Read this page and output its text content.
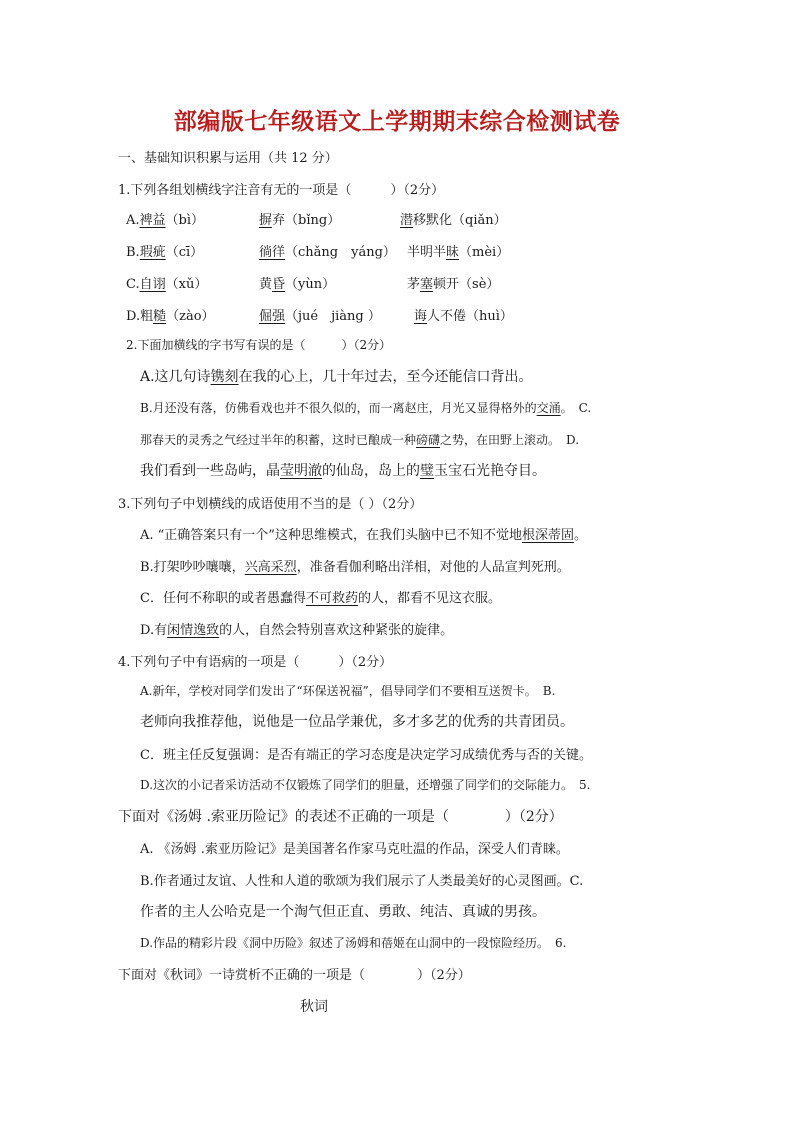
部编版七年级语文上学期期末综合检测试卷
一、基础知识积累与运用（共 12 分）
1.下列各组划横线字注音有无的一项是（　　　）（2分）
A.裨益（bì）	摒弃（bǐng）	潜移默化（qiǎn）
B.瑕疵（cī）	徜徉（chǎng　yáng） 半明半昧（mèi）
C.自诩（xǔ）	黄昏（yùn）	茅塞顿开（sè）
D.粗糙（zào）	倔强（jué　jiàng ）	诲人不倦（huì）
2.下面加横线的字书写有误的是（　　　）（2分）
A.这几句诗镌刻在我的心上，几十年过去，至今还能信口背出。
B.月还没有落，仿佛看戏也并不很久似的，而一离赵庄，月光又显得格外的交涌。　C.
那春天的灵秀之气经过半年的积蓄，这时已酿成一种磅礴之势，在田野上滚动。　D.
我们看到一些岛屿，晶莹明澈的仙岛，岛上的璧玉宝石光艳夺目。
3.下列句子中划横线的成语使用不当的是（ ）（2分）
A. “正确答案只有一个”这种思维模式，在我们头脑中已不知不觉地根深蒂固。
B.打架吵吵嚷嚷，兴高采烈，准备看伽利略出洋相，对他的人品宣判死刑。
C．任何不称职的或者愚蠢得不可救药的人，都看不见这衣服。
D.有闲情逸致的人，自然会特别喜欢这种紧张的旋律。
4.下列句子中有语病的一项是（　　　）（2分）
A.新年，学校对同学们发出了“环保送祝福”，倡导同学们不要相互送贺卡。　B.
老师向我推荐他，说他是一位品学兼优，多才多艺的优秀的共青团员。
C．班主任反复强调：是否有端正的学习态度是决定学习成绩优秀与否的关键。
D.这次的小记者采访活动不仅锻炼了同学们的胆量，还增强了同学们的交际能力。　5.
下面对《汤姆 .索亚历险记》的表述不正确的一项是（　　　　）（2分）
A. 《汤姆 .索亚历险记》是美国著名作家马克吐温的作品，深受人们青睐。
B.作者通过友谊、人性和人道的歌颂为我们展示了人类最美好的心灵图画。C.
作者的主人公哈克是一个淘气但正直、勇敢、纯洁、真诚的男孩。
D.作品的精彩片段《洞中历险》叙述了汤姆和蓓姬在山洞中的一段惊险经历。　6.
下面对《秋词》一诗赏析不正确的一项是（　　　　）（2分）
秋词
